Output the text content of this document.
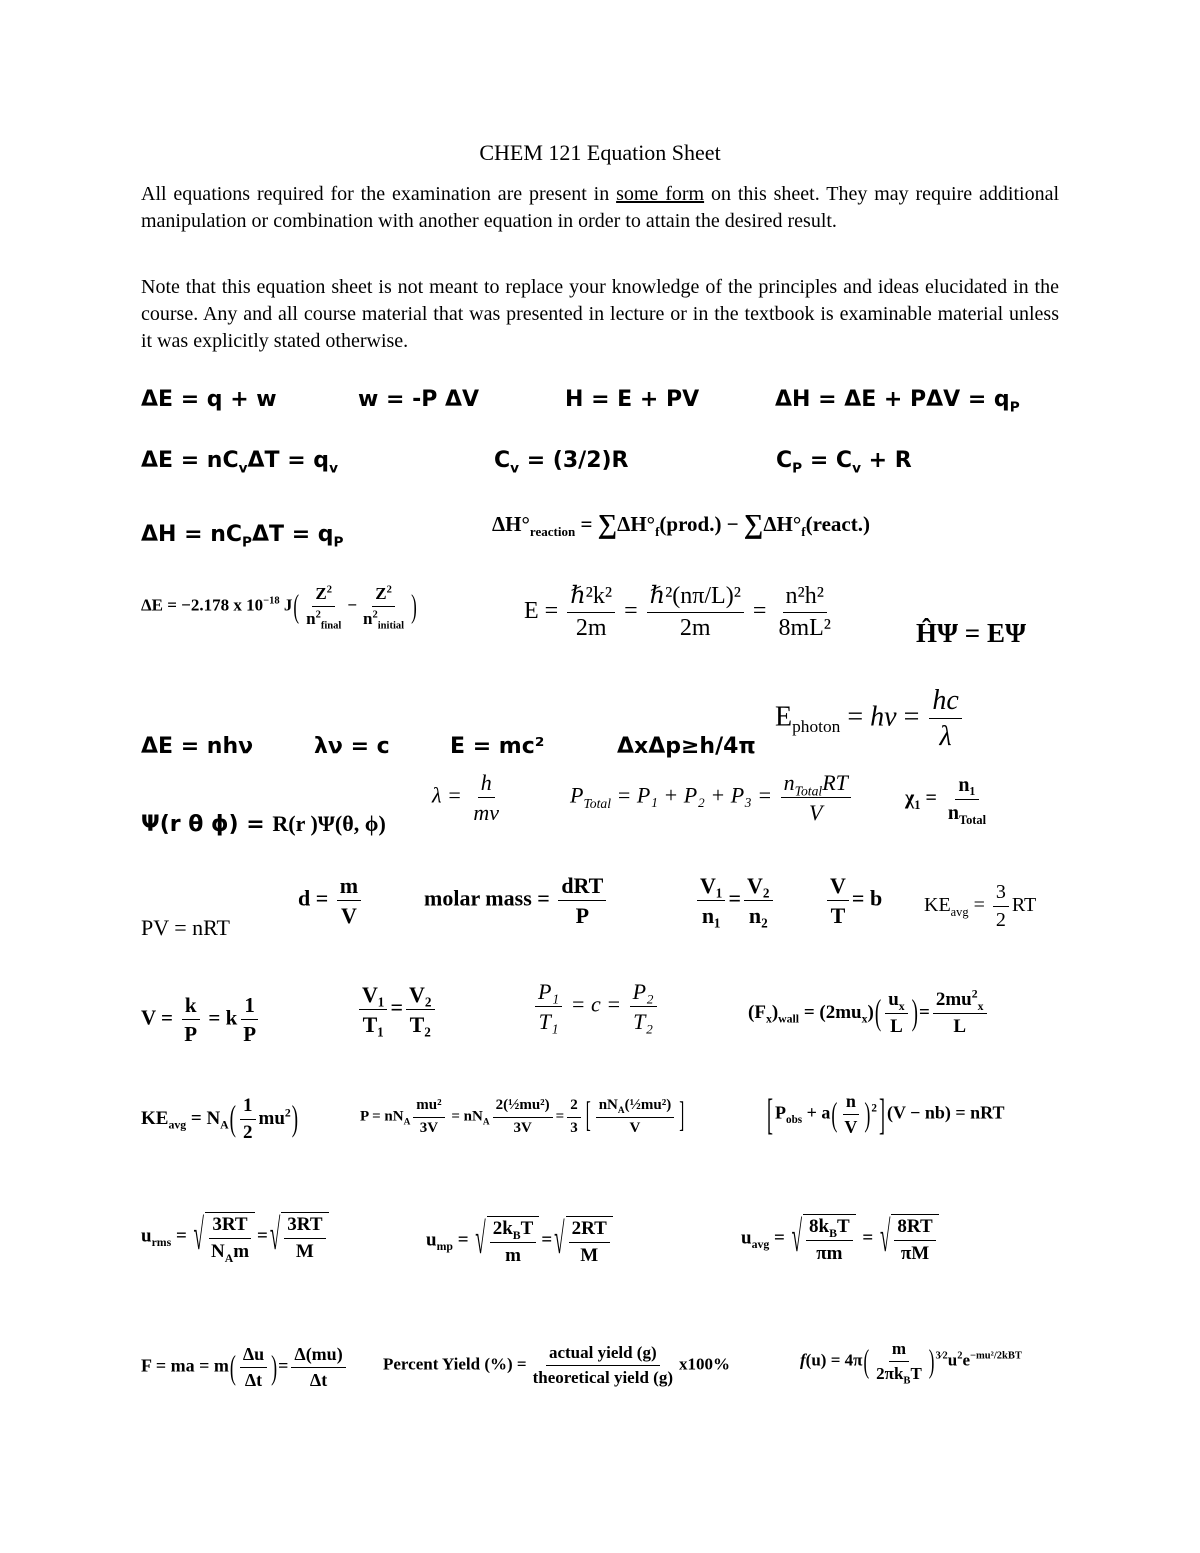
CHEM 121 Equation Sheet
All equations required for the examination are present in some form on this sheet. They may require additional manipulation or combination with another equation in order to attain the desired result.
Note that this equation sheet is not meant to replace your knowledge of the principles and ideas elucidated in the course. Any and all course material that was presented in lecture or in the textbook is examinable material unless it was explicitly stated otherwise.
ΔE = q + w	w = -P ΔV	H = E + PV	$\Delta H = \Delta E + P\Delta V = q_P$
$\Delta E = nC_v\Delta T = q_v$	$C_v = (3/2)R$	$C_P = C_v + R$
$\Delta H = nC_P\Delta T = q_P$
$\Delta H^\circ_{reaction}$ = $\sum\Delta H^\circ_f(prod.)$ − $\sum\Delta H^\circ_f(react.)$
ΔE = −2.178 x $10^{-18}$ $J( \frac{Z^2}{n^2_{final}} - \frac{Z^2}{n^2_{initial}}$ )	$E = \frac{\text{ℏ²k²}}{2m} = \frac{\text{ℏ²(nπ/L)²}}{2m} = \frac{\text{n²h²}}{\text{8mL²}}$	ĤΨ = EΨ
$E_{photon} = h\nu = \frac{hc}{\lambda}$
ΔE = nhν	λν = c	E = mc²	ΔxΔp≥h/4π
$\lambda = \frac{h}{mv}$	$P_{Total} = P_1 + P_2 + P_3 = \frac{n_{Total}RT}{V}$	$\chi_1 = \frac{\text{n₁}}{n_{Total}}$
Ψ(r θ ϕ) = R(r )Ψ(θ, ϕ)
PV = nRT
$d = \frac{m}{V}$	molar mass = $\frac{\text{dRT}}{P}$	$\frac{\text{V₁}}{\text{n₁}} = \frac{\text{V₂}}{\text{n₂}} \frac{V}{T} = b$ $KE_{avg} = \frac{3}{2}$ RT
$V = \frac{k}{P} = k \frac{1}{P}$	$\frac{\text{V₁}}{\text{T₁}} = \frac{\text{V₂}}{\text{T₂}}$	$\frac{\text{P₁}}{\text{T₁}} = c = \frac{\text{P₂}}{\text{T₂}}$	$(F_x)_{wall} = (2mu_x)( \frac{u_x}{L}$ )= $\frac{2mu^2_x}{L}$
$KE_{avg} = N_A( \frac{1}{2} mu^2)$	$P = nN_A \frac{\text{mu²}}{3V} = nN_A \frac{\text{2(½mu²)}}{3V} = \frac{2}{3}$ [ $\frac{nN_A(\frac{1}{2}mu^2)}{V}$ ]	[ $P_{obs} + a( \frac{n}{V} )^2$ ] (V − nb) = nRT
$u_{rms}$ = √ $\frac{3RT}{N_Am}$ = √ $\frac{3RT}{M}$	$u_{mp}$ = √ $\frac{2k_BT}{m}$ = √ $\frac{2RT}{M}$	$u_{avg}$ = √ $\frac{8k_BT}{\pi m}$ = √ $\frac{8RT}{\pi M}$
F = ma = $m( \frac{\Delta u}{\Delta t}$ )= $\frac{\Delta(mu)}{\Delta t}$ Percent Yield (%) = $\frac{\text{actual yield (g)}}{\text{theoretical yield (g)}} x100\%$	$f(u) = 4\pi( \frac{m}{2\pi k_BT} )^{3⁄2}u^2e^{-mu^2/2kBT}$
